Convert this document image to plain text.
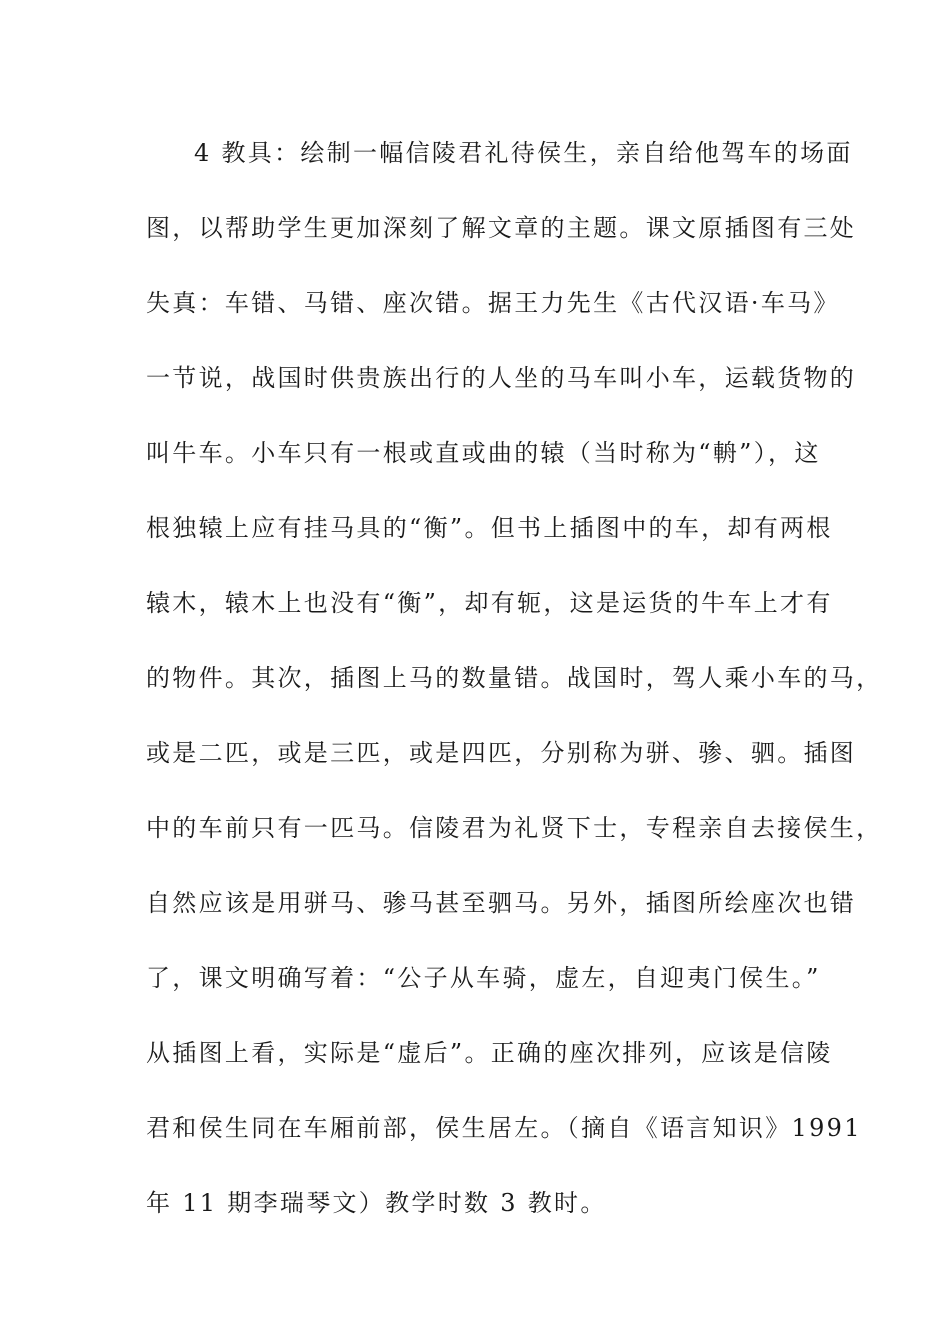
4 教具：绘制一幅信陵君礼待侯生，亲自给他驾车的场面
图，以帮助学生更加深刻了解文章的主题。课文原插图有三处
失真：车错、马错、座次错。据王力先生《古代汉语·车马》
一节说，战国时供贵族出行的人坐的马车叫小车，运载货物的
叫牛车。小车只有一根或直或曲的辕（当时称为“輈”），这
根独辕上应有挂马具的“衡”。但书上插图中的车，却有两根
辕木，辕木上也没有“衡”，却有轭，这是运货的牛车上才有
的物件。其次，插图上马的数量错。战国时，驾人乘小车的马，
或是二匹，或是三匹，或是四匹，分别称为骈、骖、驷。插图
中的车前只有一匹马。信陵君为礼贤下士，专程亲自去接侯生，
自然应该是用骈马、骖马甚至驷马。另外，插图所绘座次也错
了，课文明确写着：“公子从车骑，虚左，自迎夷门侯生。”
从插图上看，实际是“虚后”。正确的座次排列，应该是信陵
君和侯生同在车厢前部，侯生居左。（摘自《语言知识》1991
年 11 期李瑞琴文）教学时数 3 教时。
